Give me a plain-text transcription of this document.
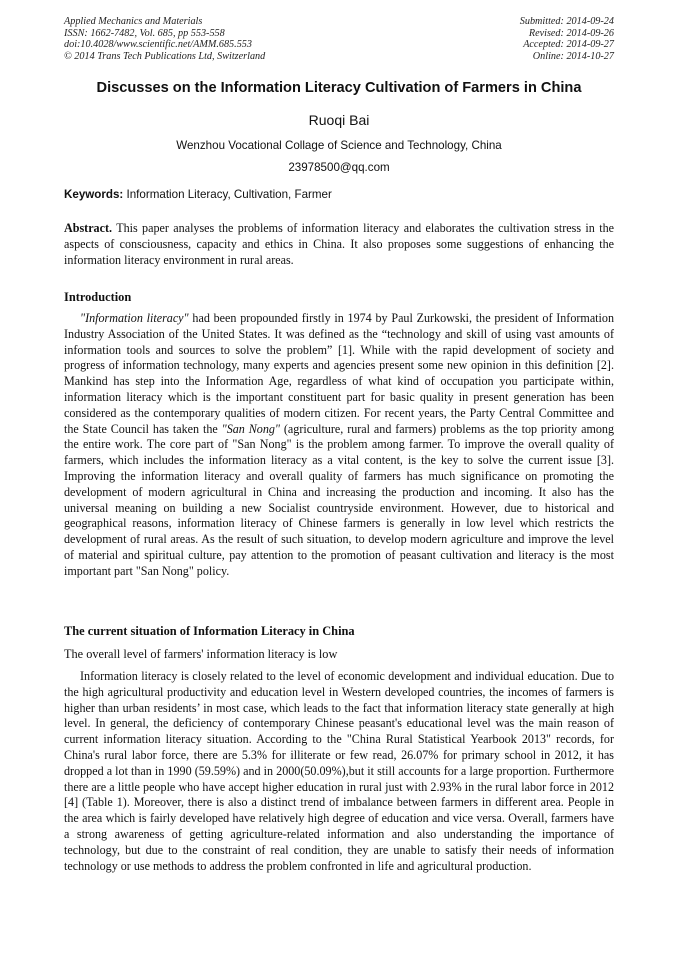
Applied Mechanics and Materials
ISSN: 1662-7482, Vol. 685, pp 553-558
doi:10.4028/www.scientific.net/AMM.685.553
© 2014 Trans Tech Publications Ltd, Switzerland
Submitted: 2014-09-24
Revised: 2014-09-26
Accepted: 2014-09-27
Online: 2014-10-27
Discusses on the Information Literacy Cultivation of Farmers in China
Ruoqi Bai
Wenzhou Vocational Collage of Science and Technology, China
23978500@qq.com
Keywords: Information Literacy, Cultivation, Farmer

Abstract. This paper analyses the problems of information literacy and elaborates the cultivation stress in the aspects of consciousness, capacity and ethics in China. It also proposes some suggestions of enhancing the information literacy environment in rural areas.

Introduction

"Information literacy" had been propounded firstly in 1974 by Paul Zurkowski, the president of Information Industry Association of the United States. It was defined as the “technology and skill of using vast amounts of information tools and sources to solve the problem” [1]. While with the rapid development of society and progress of information technology, many experts and agencies present some new opinion in this definition [2]. Mankind has step into the Information Age, regardless of what kind of occupation you participate within, information literacy which is the important constituent part for basic quality in present generation has been considered as the contemporary qualities of modern citizen. For recent years, the Party Central Committee and the State Council has taken the "San Nong" (agriculture, rural and farmers) problems as the top priority among the entire work. The core part of "San Nong" is the problem among farmer. To improve the overall quality of farmers, which includes the information literacy as a vital content, is the key to solve the current issue [3]. Improving the information literacy and overall quality of farmers has much significance on promoting the development of modern agricultural in China and increasing the production and incoming. It also has the universal meaning on building a new Socialist countryside environment. However, due to historical and geographical reasons, information literacy of Chinese farmers is generally in low level which restricts the development of rural areas. As the result of such situation, to develop modern agriculture and improve the level of material and spiritual culture, pay attention to the promotion of peasant cultivation and literacy is the most important part "San Nong" policy.

The current situation of Information Literacy in China
The overall level of farmers' information literacy is low

Information literacy is closely related to the level of economic development and individual education. Due to the high agricultural productivity and education level in Western developed countries, the incomes of farmers is higher than urban residents’ in most case, which leads to the fact that information literacy state generally at high level. In general, the deficiency of contemporary Chinese peasant's educational level was the main reason of current information literacy situation. According to the "China Rural Statistical Yearbook 2013" records, for China's rural labor force, there are 5.3% for illiterate or few read, 26.07% for primary school in 2012, it has dropped a lot than in 1990 (59.59%) and in 2000(50.09%),but it still accounts for a large proportion. Furthermore there are a little people who have accept higher education in rural just with 2.93% in the rural labor force in 2012 [4] (Table 1). Moreover, there is also a distinct trend of imbalance between farmers in different area. People in the area which is fairly developed have relatively high degree of education and vice versa. Overall, farmers have a strong awareness of getting agriculture-related information and also understanding the importance of technology, but due to the constraint of real condition, they are unable to satisfy their needs of information technology or use methods to address the problem confronted in life and agricultural production.
